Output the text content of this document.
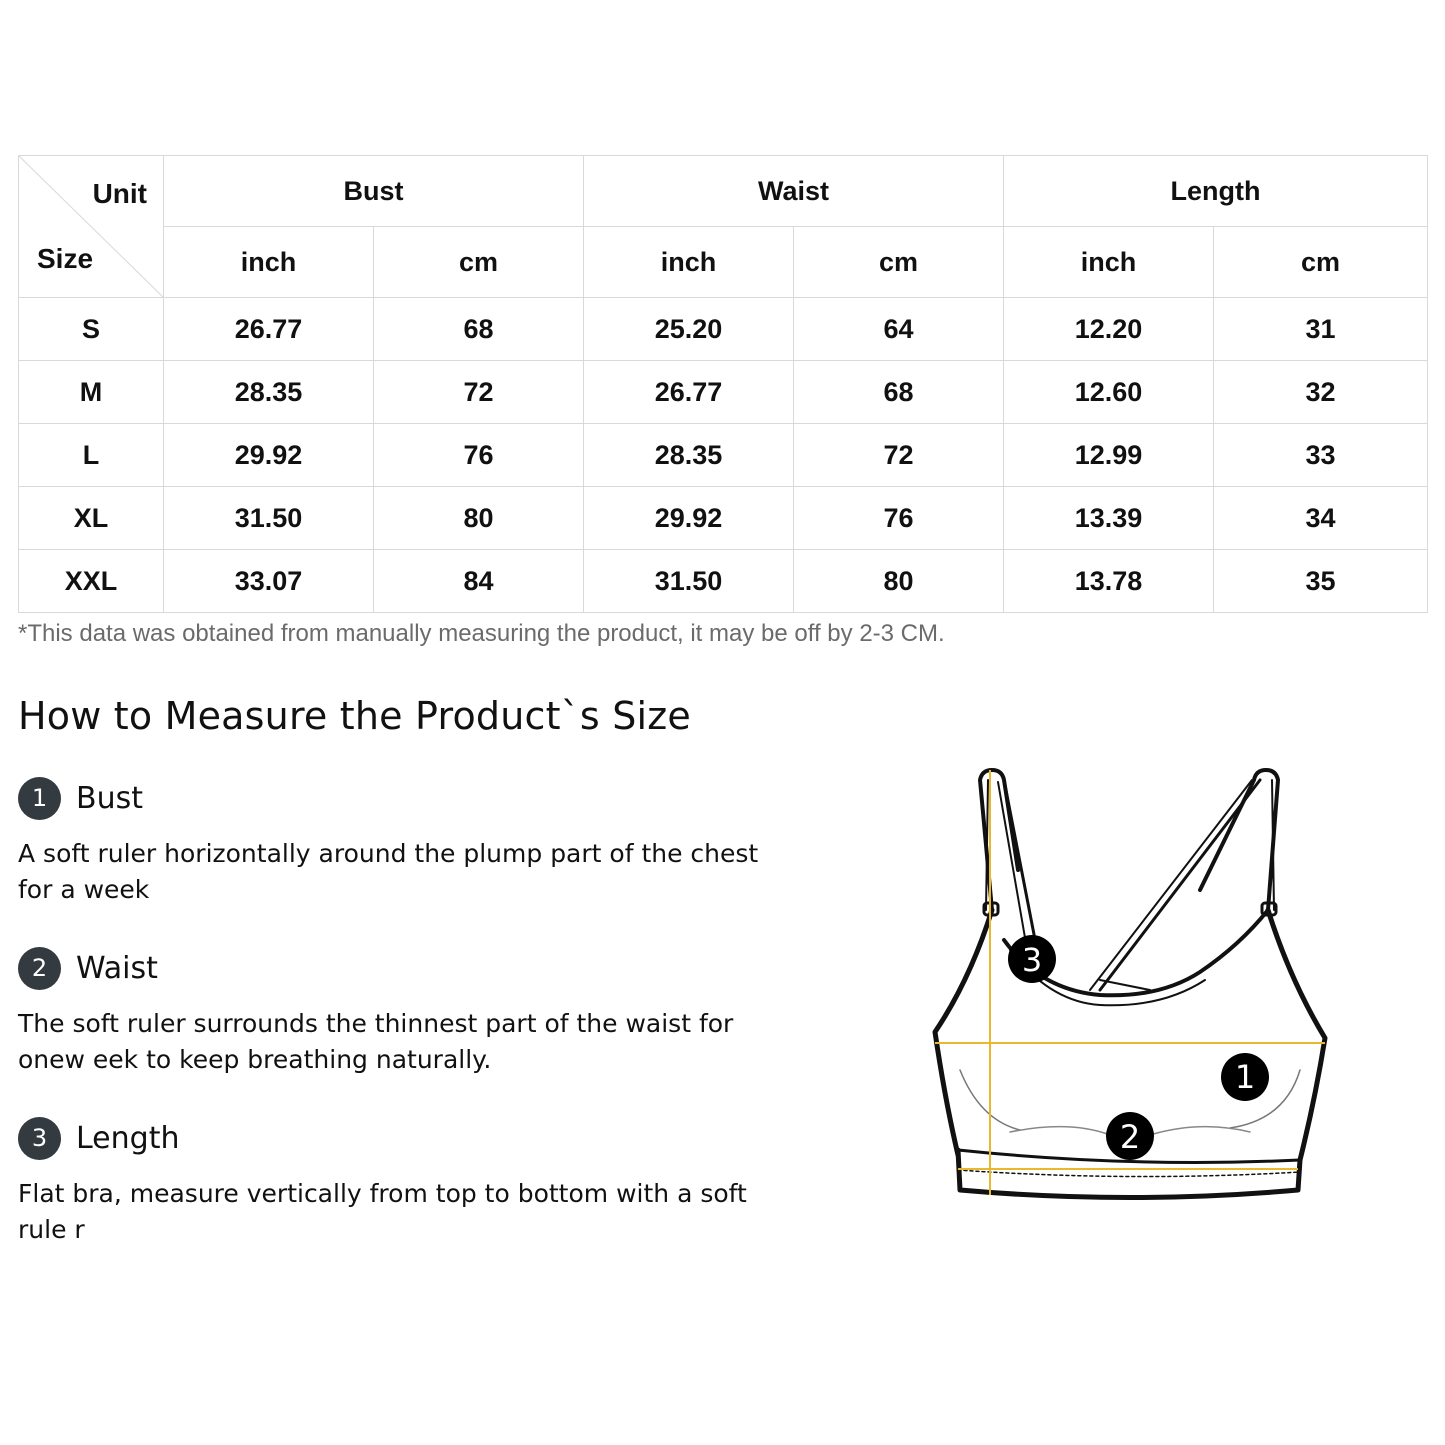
Unit
Size	Bust		Waist		Length	
	inch	cm	inch	cm	inch	cm
S	26.77	68	25.20	64	12.20	31
M	28.35	72	26.77	68	12.60	32
L	29.92	76	28.35	72	12.99	33
XL	31.50	80	29.92	76	13.39	34
XXL	33.07	84	31.50	80	13.78	35
*This data was obtained from manually measuring the product, it may be off by 2-3 CM.
How to Measure the Product`s Size
1 Bust
A soft ruler horizontally around the plump part of the chest for a week
2 Waist
The soft ruler surrounds the thinnest part of the waist for onew eek to keep breathing naturally.
3 Length
Flat bra, measure vertically from top to bottom with a soft rule r
1
2
3
